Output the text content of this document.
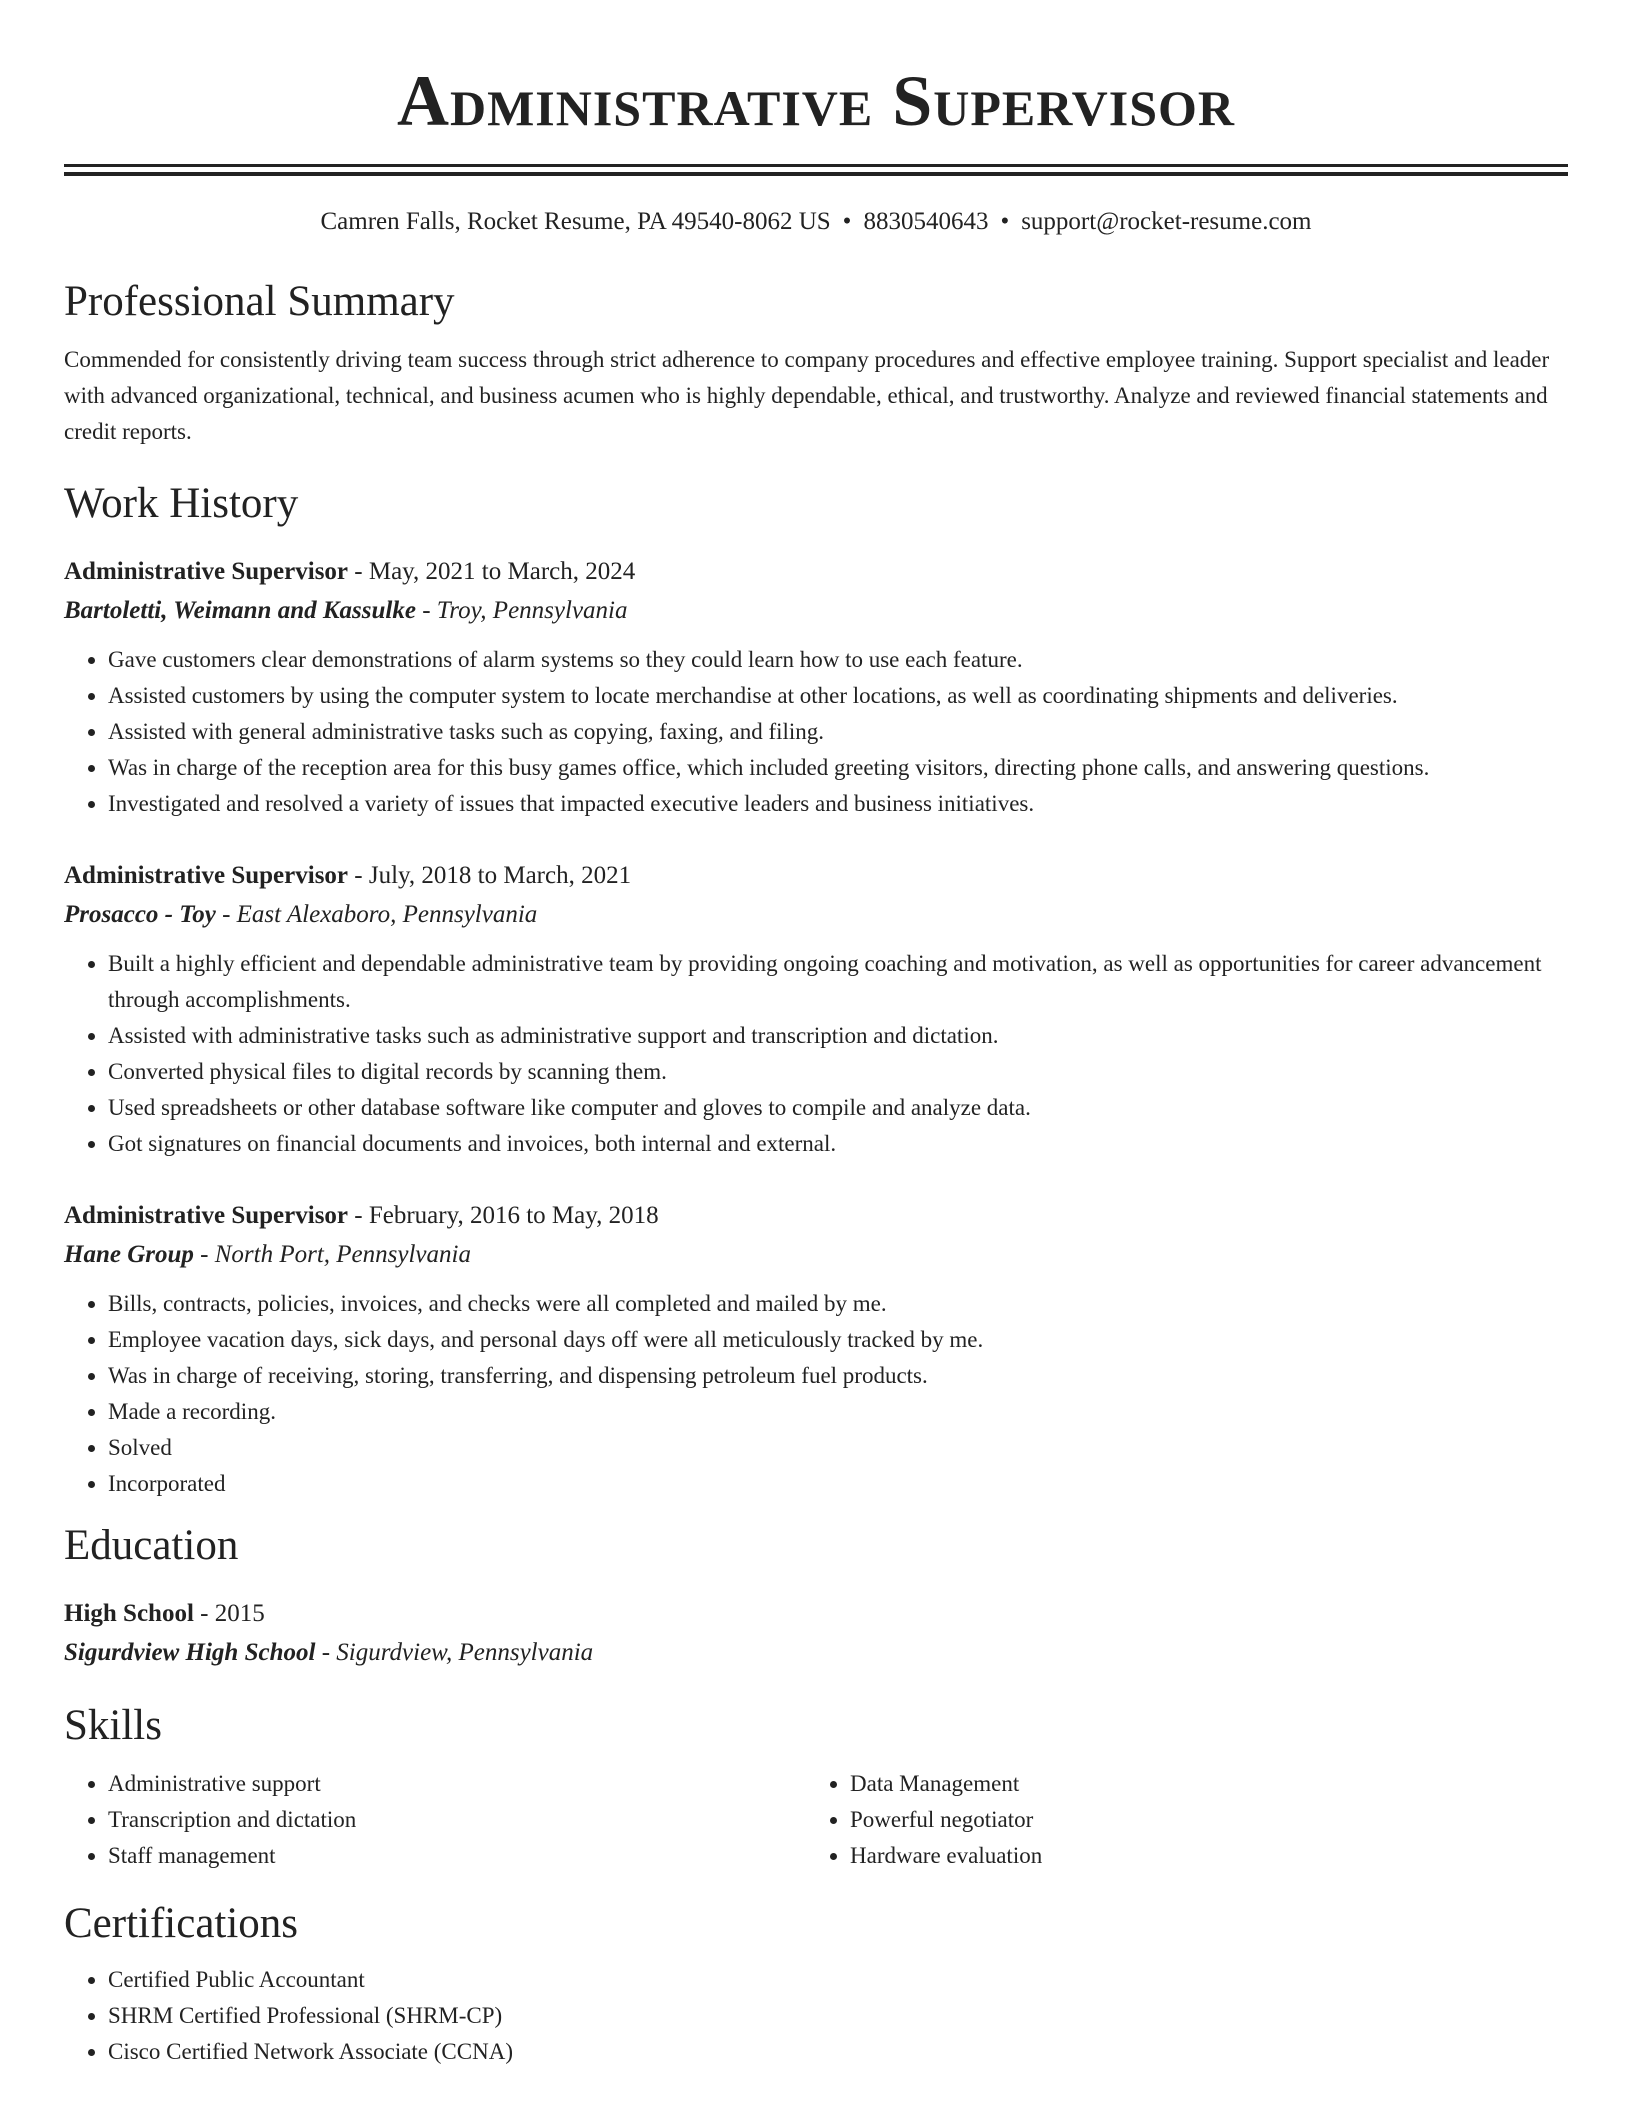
Administrative Supervisor
Camren Falls, Rocket Resume, PA 49540-8062 US • 8830540643 • support@rocket-resume.com
Professional Summary

Commended for consistently driving team success through strict adherence to company procedures and effective employee training. Support specialist and leader with advanced organizational, technical, and business acumen who is highly dependable, ethical, and trustworthy. Analyze and reviewed financial statements and credit reports.

Work History
Administrative Supervisor - May, 2021 to March, 2024
Bartoletti, Weimann and Kassulke - Troy, Pennsylvania
• Gave customers clear demonstrations of alarm systems so they could learn how to use each feature.
• Assisted customers by using the computer system to locate merchandise at other locations, as well as coordinating shipments and deliveries.
• Assisted with general administrative tasks such as copying, faxing, and filing.
• Was in charge of the reception area for this busy games office, which included greeting visitors, directing phone calls, and answering questions.
• Investigated and resolved a variety of issues that impacted executive leaders and business initiatives.
Administrative Supervisor - July, 2018 to March, 2021
Prosacco - Toy - East Alexaboro, Pennsylvania
• Built a highly efficient and dependable administrative team by providing ongoing coaching and motivation, as well as opportunities for career advancement through accomplishments.
• Assisted with administrative tasks such as administrative support and transcription and dictation.
• Converted physical files to digital records by scanning them.
• Used spreadsheets or other database software like computer and gloves to compile and analyze data.
• Got signatures on financial documents and invoices, both internal and external.
Administrative Supervisor - February, 2016 to May, 2018
Hane Group - North Port, Pennsylvania
• Bills, contracts, policies, invoices, and checks were all completed and mailed by me.
• Employee vacation days, sick days, and personal days off were all meticulously tracked by me.
• Was in charge of receiving, storing, transferring, and dispensing petroleum fuel products.
• Made a recording.
• Solved
• Incorporated
Education
High School - 2015
Sigurdview High School - Sigurdview, Pennsylvania
Skills
• Administrative support
• Transcription and dictation
• Staff management
• Data Management
• Powerful negotiator
• Hardware evaluation
Certifications
• Certified Public Accountant
• SHRM Certified Professional (SHRM-CP)
• Cisco Certified Network Associate (CCNA)
